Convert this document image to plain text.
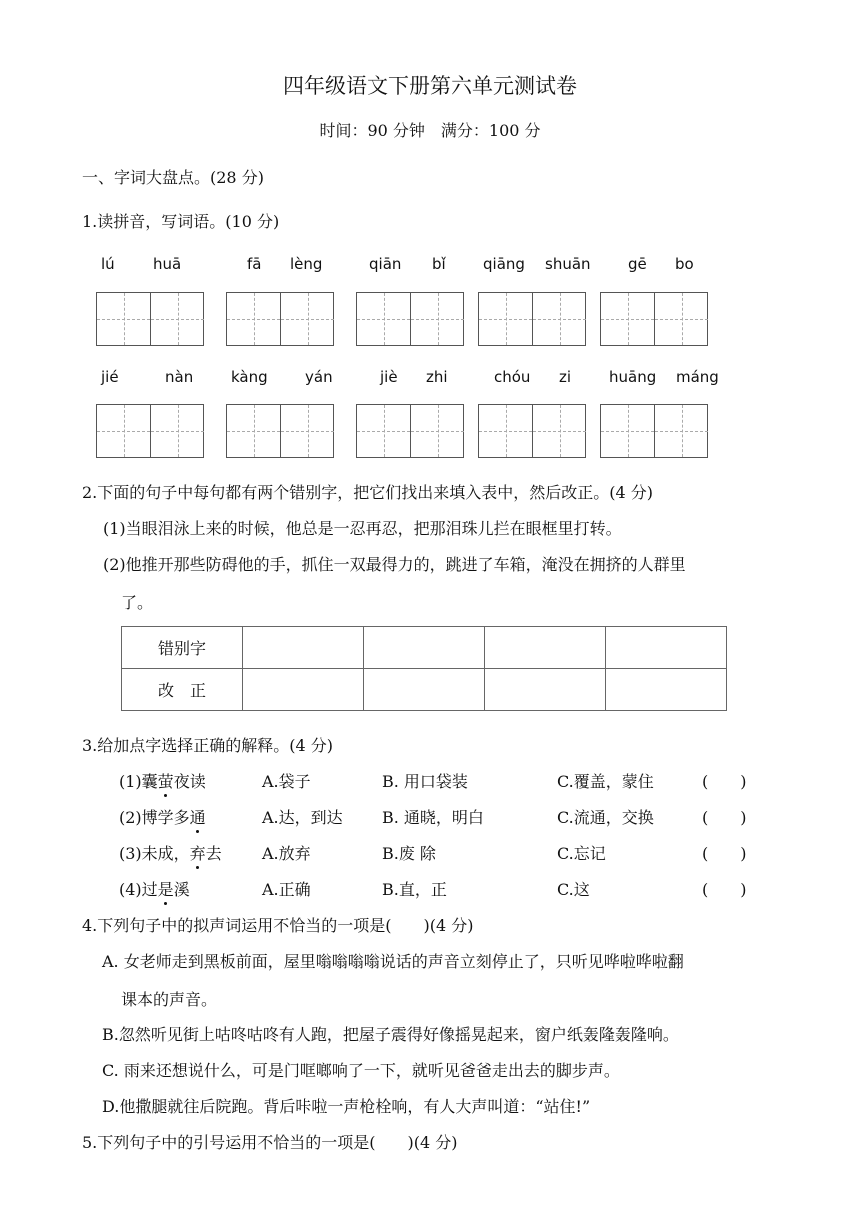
四年级语文下册第六单元测试卷
时间：90 分钟　满分：100 分
一、字词大盘点。(28 分)
1.读拼音，写词语。(10 分)
lú	huā	fā lèng	qiān bǐ qiāng shuān gē bo
jié	nàn	kàng yán	jiè zhi	chóu zi	huāng máng
2.下面的句子中每句都有两个错别字，把它们找出来填入表中，然后改正。(4 分)
(1)当眼泪泳上来的时候，他总是一忍再忍，把那泪珠儿拦在眼框里打转。
(2)他推开那些防碍他的手，抓住一双最得力的，跳进了车箱，淹没在拥挤的人群里
了。
错别字				
改　正				
3.给加点字选择正确的解释。(4 分)
(1)囊萤夜读	A.袋子	B. 用口袋装	C.覆盖，蒙住	(　　)
(2)博学多通	A.达，到达 B. 通晓，明白	C.流通，交换	(　　)
(3)未成，弃去	A.放弃	B.废 除	C.忘记	(　　)
(4)过是溪	A.正确	B.直，正	C.这	(　　)
4.下列句子中的拟声词运用不恰当的一项是(　　)(4 分)
A. 女老师走到黑板前面，屋里嗡嗡嗡嗡说话的声音立刻停止了，只听见哗啦哗啦翻
课本的声音。
B.忽然听见街上咕咚咕咚有人跑，把屋子震得好像摇晃起来，窗户纸轰隆轰隆响。
C. 雨来还想说什么，可是门哐啷响了一下，就听见爸爸走出去的脚步声。
D.他撒腿就往后院跑。背后咔啦一声枪栓响，有人大声叫道：“站住!”
5.下列句子中的引号运用不恰当的一项是(　　)(4 分)
